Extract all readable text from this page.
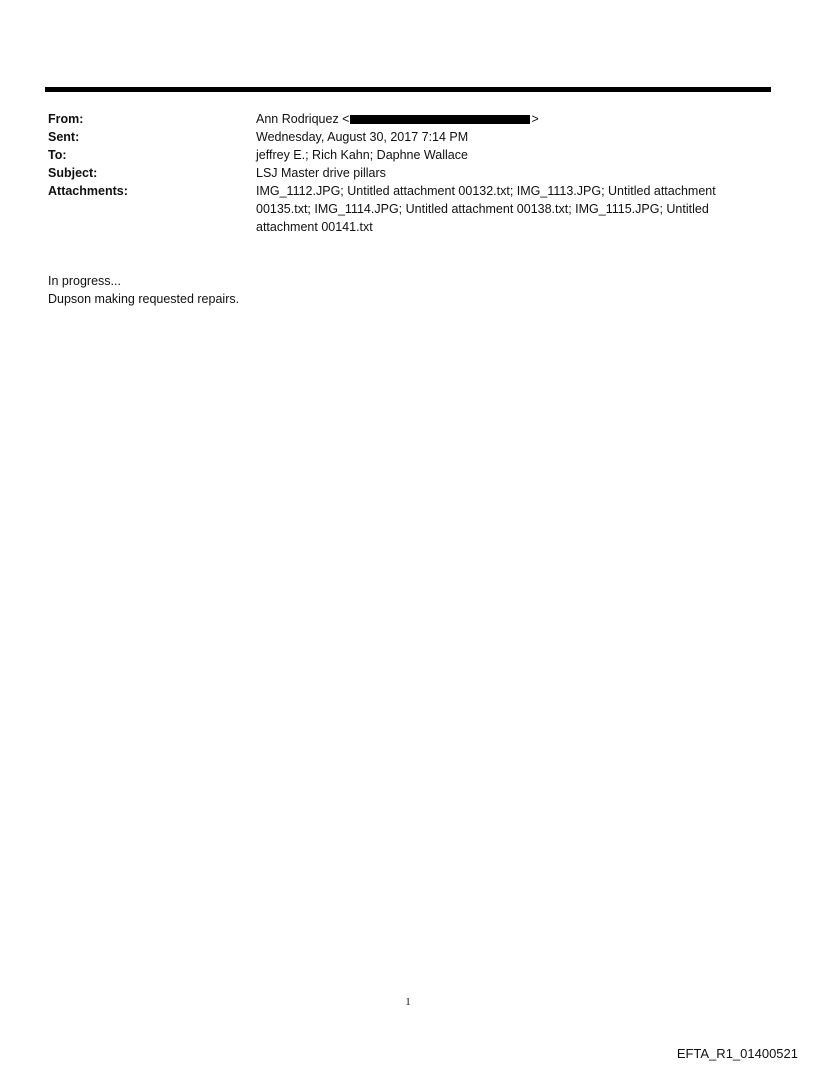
From:	Ann Rodriquez <	>
Sent:	Wednesday, August 30, 2017 7:14 PM
To:	jeffrey E.; Rich Kahn; Daphne Wallace
Subject:	LSJ Master drive pillars
Attachments:	IMG_1112.JPG; Untitled attachment 00132.txt; IMG_1113.JPG; Untitled attachment 00135.txt; IMG_1114.JPG; Untitled attachment 00138.txt; IMG_1115.JPG; Untitled attachment 00141.txt
In progress...
Dupson making requested repairs.
1
EFTA_R1_01400521
